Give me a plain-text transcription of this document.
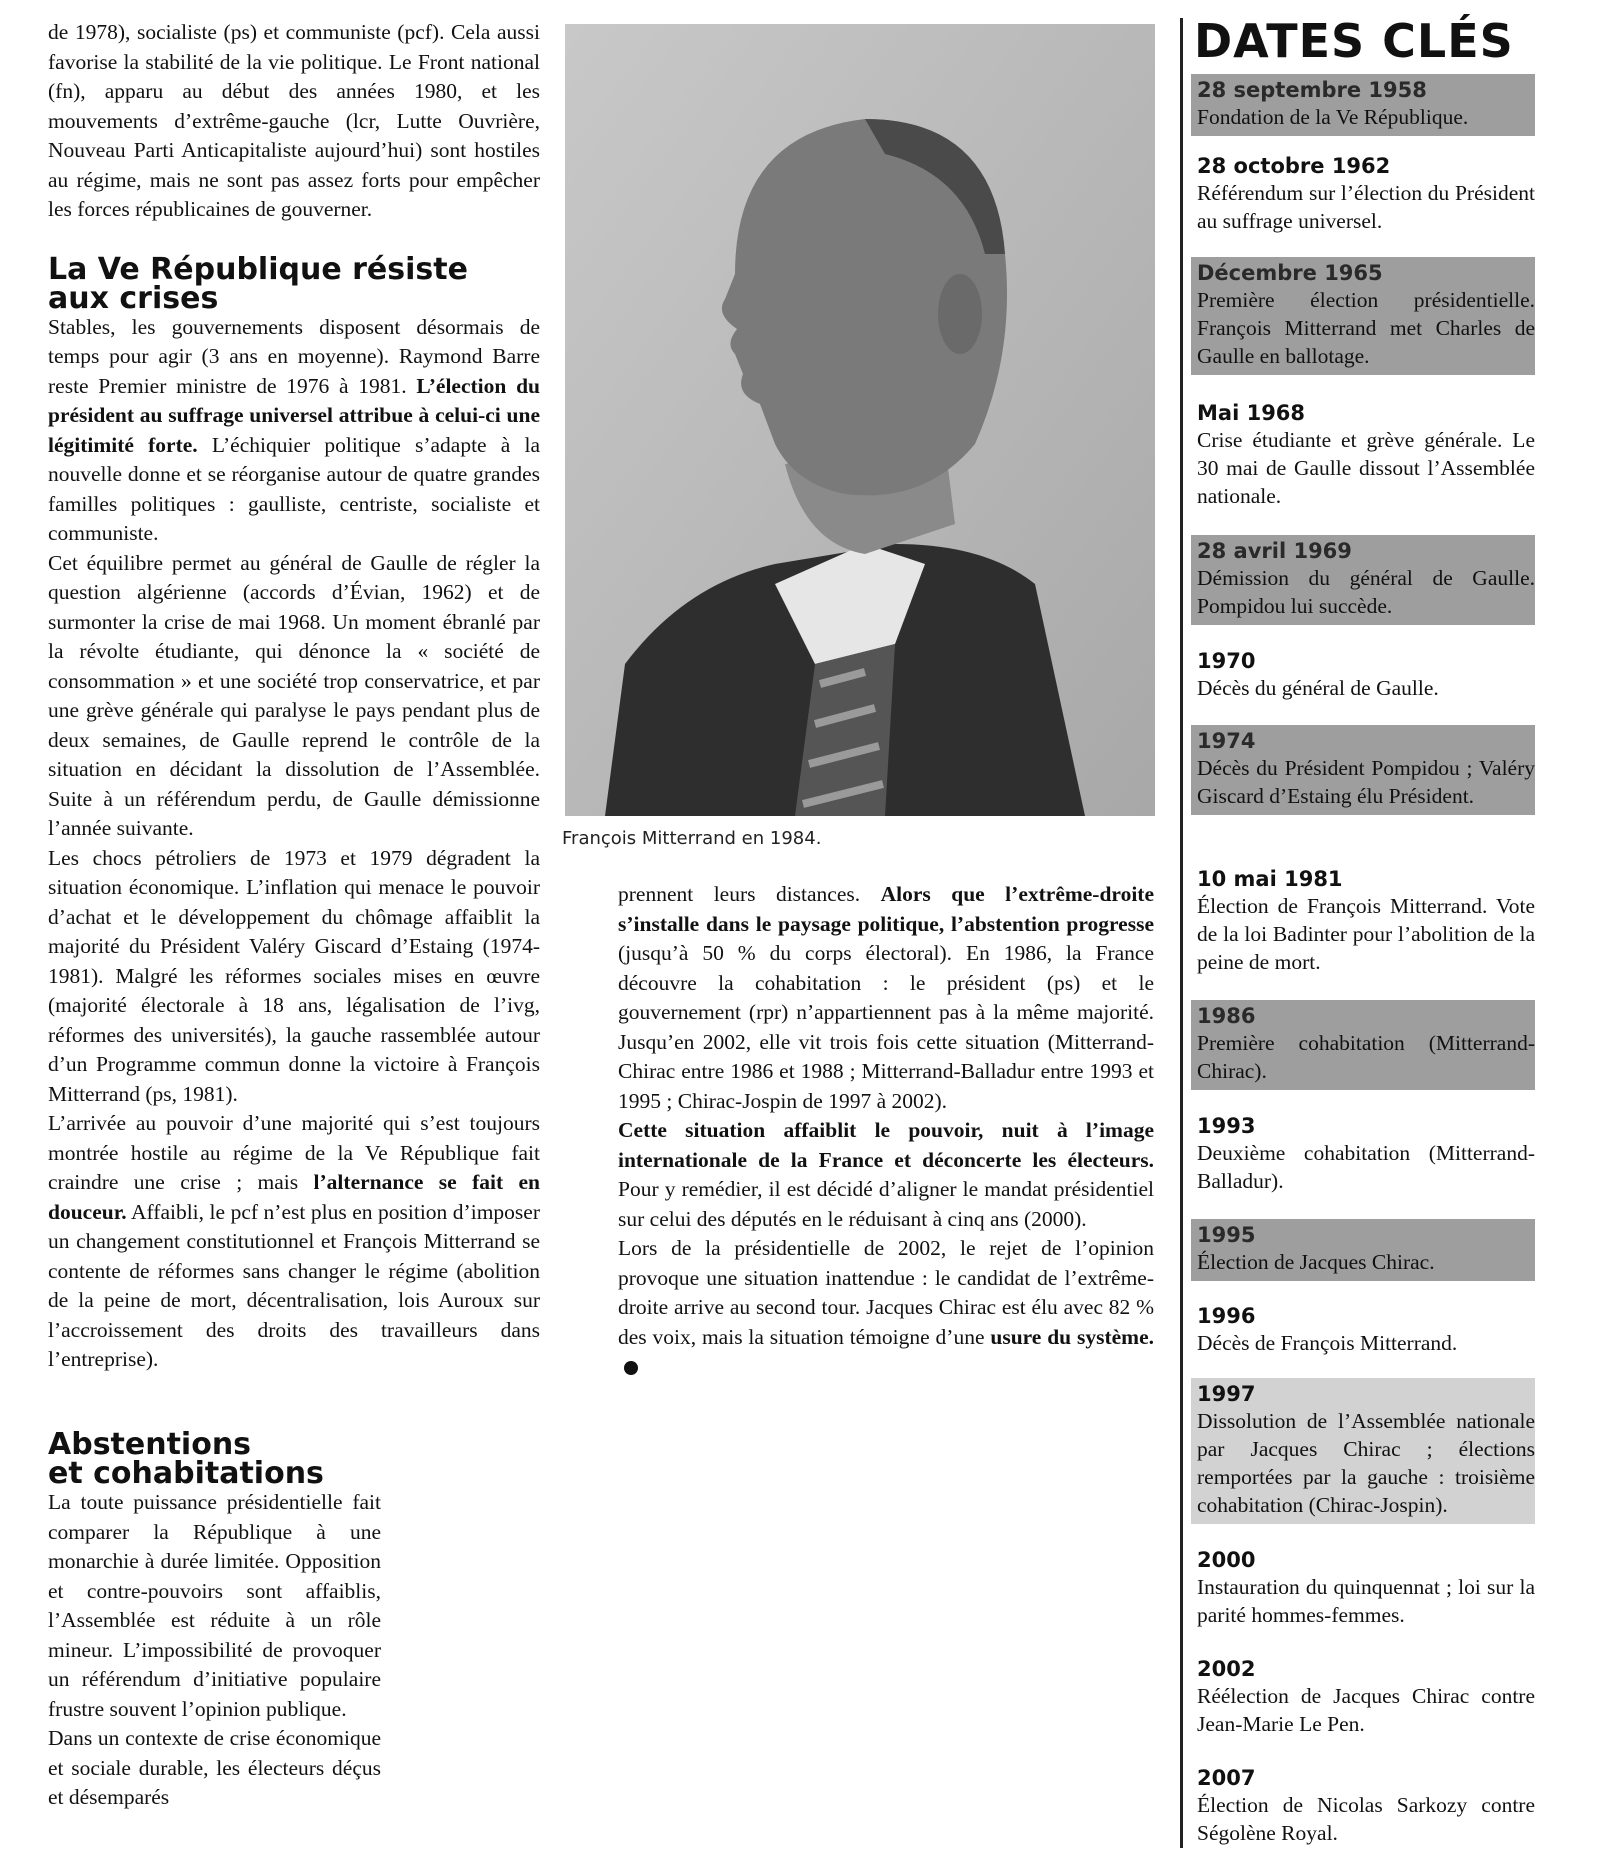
de 1978), socialiste (ps) et communiste (pcf). Cela aussi favorise la stabilité de la vie politique. Le Front national (fn), apparu au début des années 1980, et les mouvements d’extrême-gauche (lcr, Lutte Ouvrière, Nouveau Parti Anticapitaliste aujourd’hui) sont hostiles au régime, mais ne sont pas assez forts pour empêcher les forces républicaines de gouverner.

La Ve République résiste
aux crises

Stables, les gouvernements disposent désormais de temps pour agir (3 ans en moyenne). Raymond Barre reste Premier ministre de 1976 à 1981. L’élection du président au suffrage universel attribue à celui-ci une légitimité forte. L’échiquier politique s’adapte à la nouvelle donne et se réorganise autour de quatre grandes familles politiques : gaulliste, centriste, socialiste et communiste.

Cet équilibre permet au général de Gaulle de régler la question algérienne (accords d’Évian, 1962) et de surmonter la crise de mai 1968. Un moment ébranlé par la révolte étudiante, qui dénonce la « société de consommation » et une société trop conservatrice, et par une grève générale qui paralyse le pays pendant plus de deux semaines, de Gaulle reprend le contrôle de la situation en décidant la dissolution de l’Assemblée. Suite à un référendum perdu, de Gaulle démissionne l’année suivante.

Les chocs pétroliers de 1973 et 1979 dégradent la situation économique. L’inflation qui menace le pouvoir d’achat et le développement du chômage affaiblit la majorité du Président Valéry Giscard d’Estaing (1974-1981). Malgré les réformes sociales mises en œuvre (majorité électorale à 18 ans, légalisation de l’ivg, réformes des universités), la gauche rassemblée autour d’un Programme commun donne la victoire à François Mitterrand (ps, 1981).

L’arrivée au pouvoir d’une majorité qui s’est toujours montrée hostile au régime de la Ve République fait craindre une crise ; mais l’alternance se fait en douceur. Affaibli, le pcf n’est plus en position d’imposer un changement constitutionnel et François Mitterrand se contente de réformes sans changer le régime (abolition de la peine de mort, décentralisation, lois Auroux sur l’accroissement des droits des travailleurs dans l’entreprise).

Abstentions
et cohabitations

La toute puissance présidentielle fait comparer la République à une monarchie à durée limitée. Opposition et contre-pouvoirs sont affaiblis, l’Assemblée est réduite à un rôle mineur. L’impossibilité de provoquer un référendum d’initiative populaire frustre souvent l’opinion publique.

Dans un contexte de crise économique et sociale durable, les électeurs déçus et désemparés

François Mitterrand en 1984.

prennent leurs distances. Alors que l’extrême-droite s’installe dans le paysage politique, l’abstention progresse (jusqu’à 50 % du corps électoral). En 1986, la France découvre la cohabitation : le président (ps) et le gouvernement (rpr) n’appartiennent pas à la même majorité. Jusqu’en 2002, elle vit trois fois cette situation (Mitterrand-Chirac entre 1986 et 1988 ; Mitterrand-Balladur entre 1993 et 1995 ; Chirac-Jospin de 1997 à 2002).

Cette situation affaiblit le pouvoir, nuit à l’image internationale de la France et déconcerte les électeurs. Pour y remédier, il est décidé d’aligner le mandat présidentiel sur celui des députés en le réduisant à cinq ans (2000).

Lors de la présidentielle de 2002, le rejet de l’opinion provoque une situation inattendue : le candidat de l’extrême-droite arrive au second tour. Jacques Chirac est élu avec 82 % des voix, mais la situation témoigne d’une usure du système.

DATES CLÉS
28 septembre 1958
Fondation de la Ve République.
28 octobre 1962
Référendum sur l’élection du Président au suffrage universel.
Décembre 1965
Première élection présidentielle. François Mitterrand met Charles de Gaulle en ballotage.
Mai 1968
Crise étudiante et grève générale. Le 30 mai de Gaulle dissout l’Assemblée nationale.
28 avril 1969
Démission du général de Gaulle. Pompidou lui succède.
1970
Décès du général de Gaulle.
1974
Décès du Président Pompidou ; Valéry Giscard d’Estaing élu Président.
10 mai 1981
Élection de François Mitterrand. Vote de la loi Badinter pour l’abolition de la peine de mort.
1986
Première cohabitation (Mitterrand-Chirac).
1993
Deuxième cohabitation (Mitterrand-Balladur).
1995
Élection de Jacques Chirac.
1996
Décès de François Mitterrand.
1997
Dissolution de l’Assemblée nationale par Jacques Chirac ; élections remportées par la gauche : troisième cohabitation (Chirac-Jospin).
2000
Instauration du quinquennat ; loi sur la parité hommes-femmes.
2002
Réélection de Jacques Chirac contre Jean-Marie Le Pen.
2007
Élection de Nicolas Sarkozy contre Ségolène Royal.
